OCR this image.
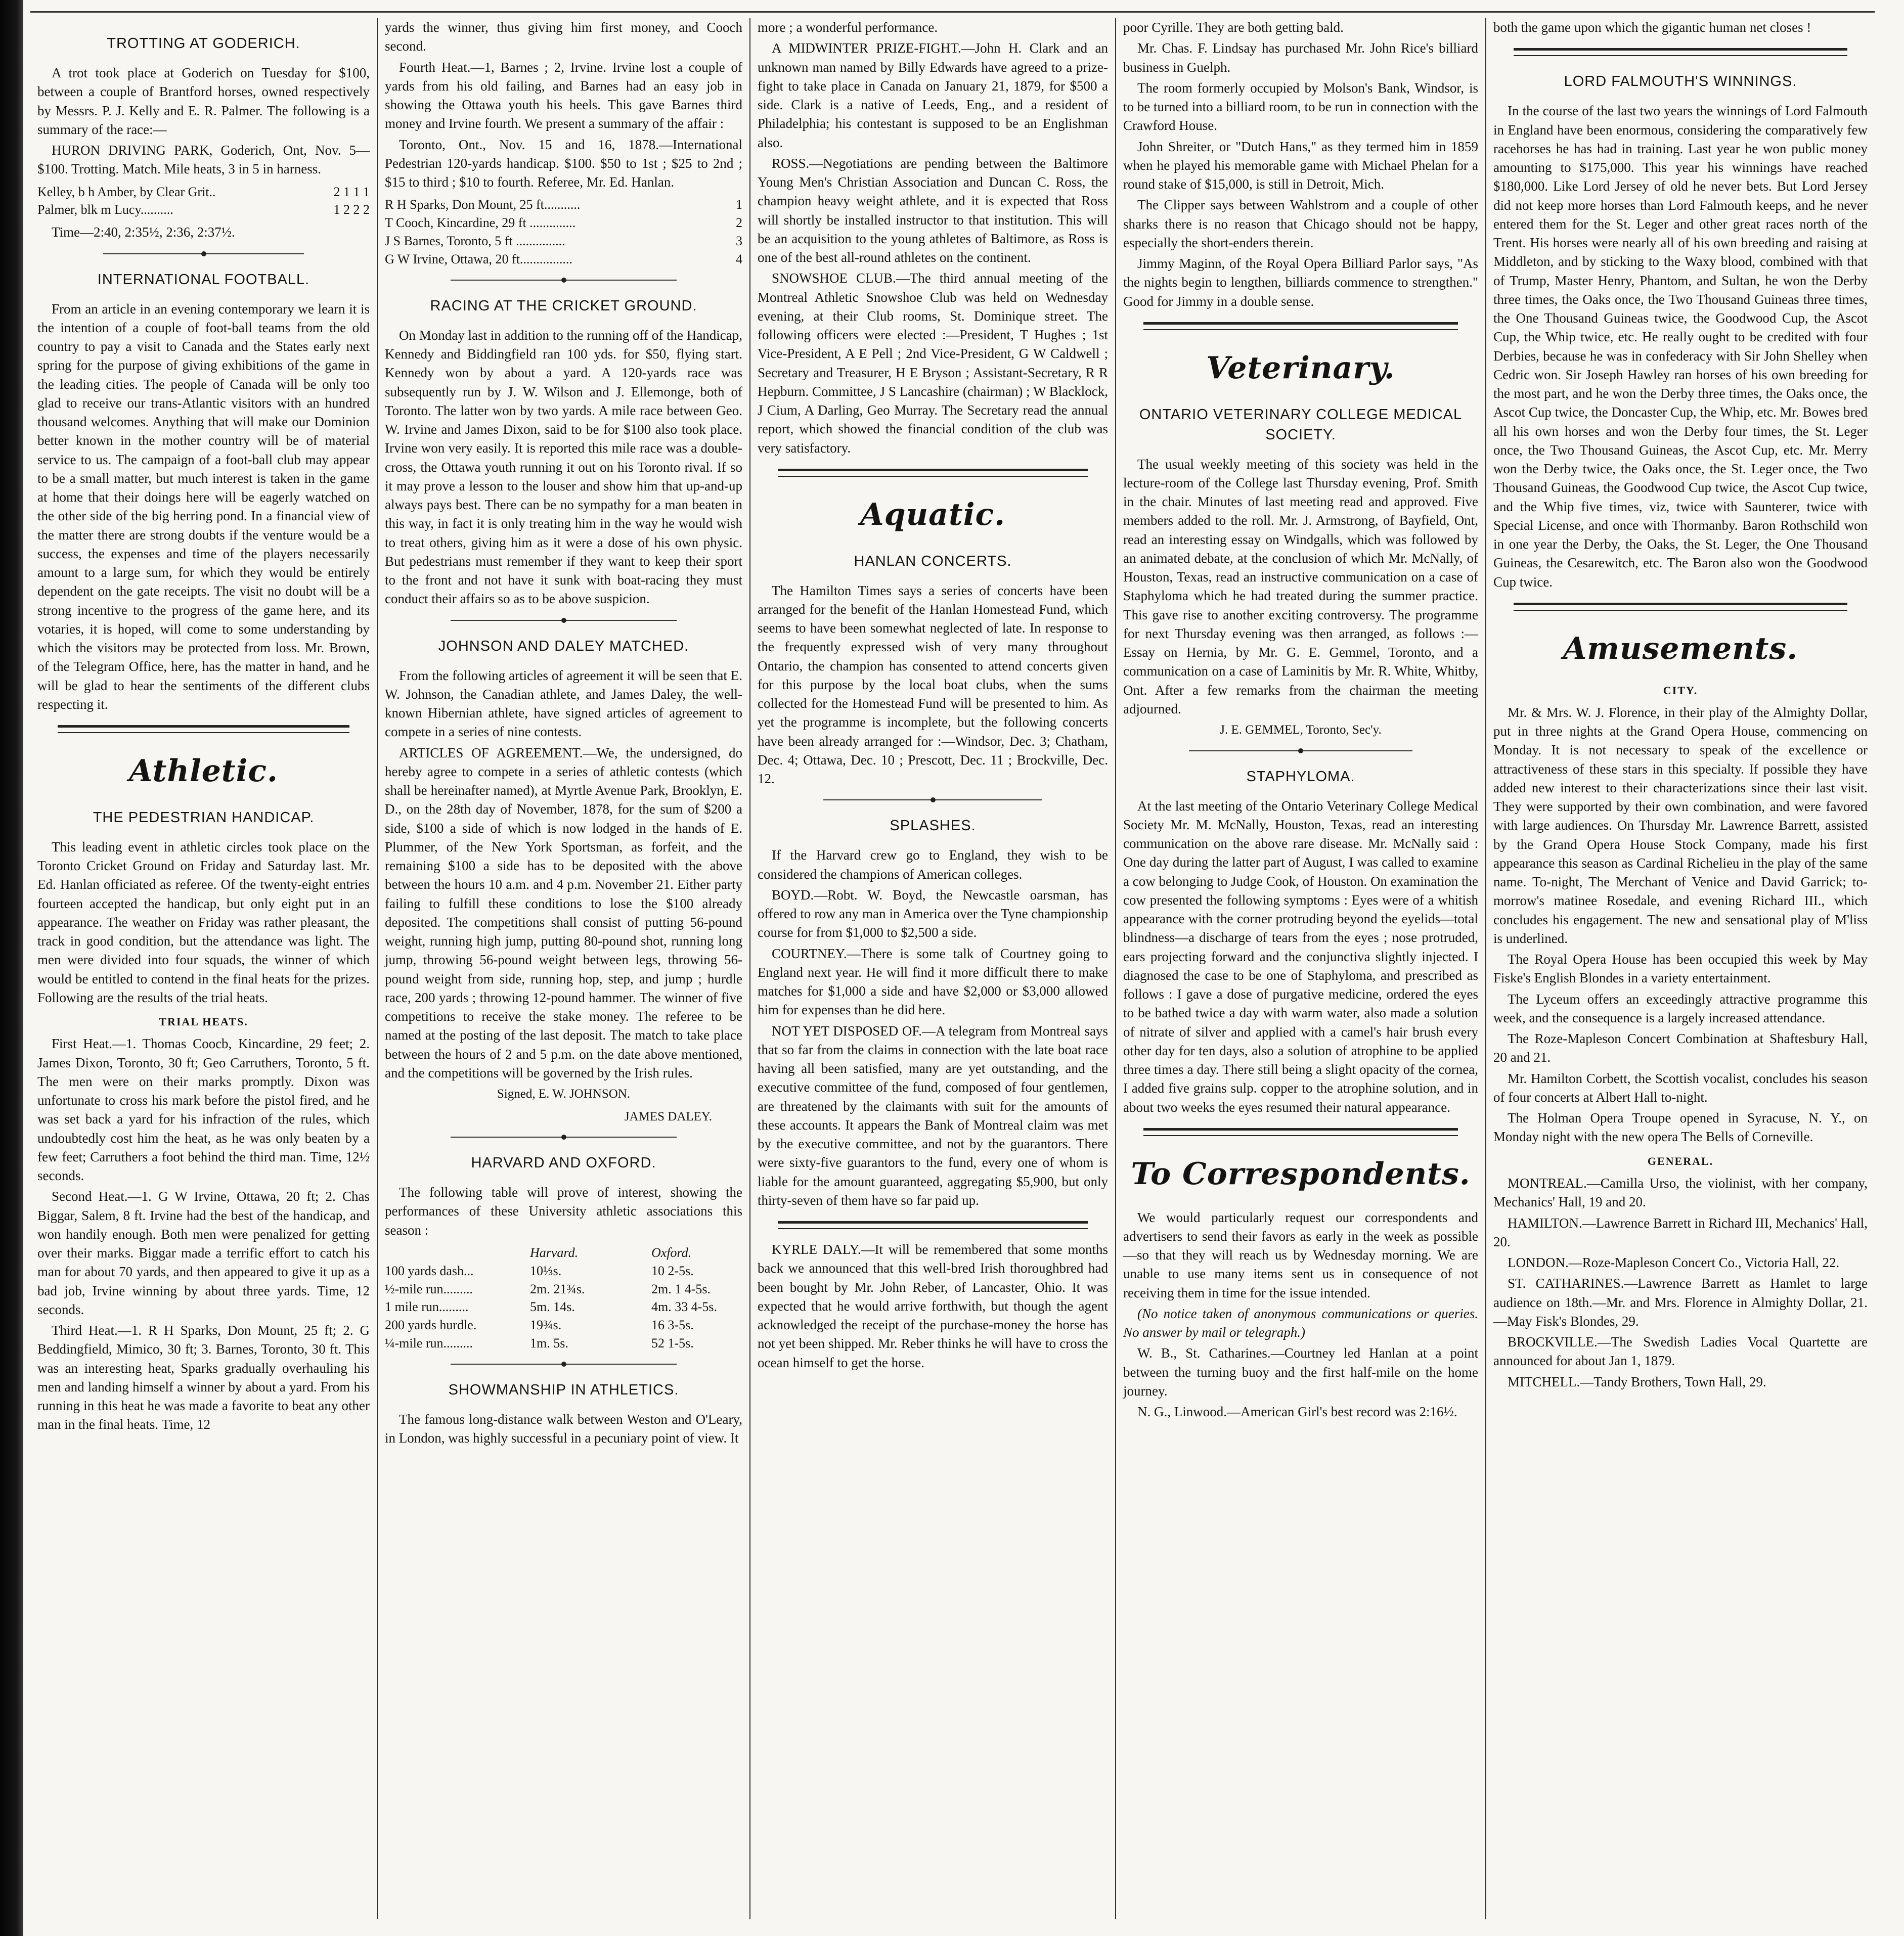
TROTTING AT GODERICH.

A trot took place at Goderich on Tuesday for $100, between a couple of Brantford horses, owned respectively by Messrs. P. J. Kelly and E. R. Palmer. The following is a summary of the race:—

HURON DRIVING PARK, Goderich, Ont, Nov. 5—$100. Trotting. Match. Mile heats, 3 in 5 in harness.

Kelley, b h Amber, by Clear Grit..	2 1 1 1
Palmer, blk m Lucy..........	1 2 2 2

Time—2:40, 2:35½, 2:36, 2:37½.

INTERNATIONAL FOOTBALL.

From an article in an evening contemporary we learn it is the intention of a couple of foot-ball teams from the old country to pay a visit to Canada and the States early next spring for the purpose of giving exhibitions of the game in the leading cities. The people of Canada will be only too glad to receive our trans-Atlantic visitors with an hundred thousand welcomes. Anything that will make our Dominion better known in the mother country will be of material service to us. The campaign of a foot-ball club may appear to be a small matter, but much interest is taken in the game at home that their doings here will be eagerly watched on the other side of the big herring pond. In a financial view of the matter there are strong doubts if the venture would be a success, the expenses and time of the players necessarily amount to a large sum, for which they would be entirely dependent on the gate receipts. The visit no doubt will be a strong incentive to the progress of the game here, and its votaries, it is hoped, will come to some understanding by which the visitors may be protected from loss. Mr. Brown, of the Telegram Office, here, has the matter in hand, and he will be glad to hear the sentiments of the different clubs respecting it.

Athletic.
THE PEDESTRIAN HANDICAP.

This leading event in athletic circles took place on the Toronto Cricket Ground on Friday and Saturday last. Mr. Ed. Hanlan officiated as referee. Of the twenty-eight entries fourteen accepted the handicap, but only eight put in an appearance. The weather on Friday was rather pleasant, the track in good condition, but the attendance was light. The men were divided into four squads, the winner of which would be entitled to contend in the final heats for the prizes. Following are the results of the trial heats.

TRIAL HEATS.

First Heat.—1. Thomas Coocb, Kincardine, 29 feet; 2. James Dixon, Toronto, 30 ft; Geo Carruthers, Toronto, 5 ft. The men were on their marks promptly. Dixon was unfortunate to cross his mark before the pistol fired, and he was set back a yard for his infraction of the rules, which undoubtedly cost him the heat, as he was only beaten by a few feet; Carruthers a foot behind the third man. Time, 12½ seconds.

Second Heat.—1. G W Irvine, Ottawa, 20 ft; 2. Chas Biggar, Salem, 8 ft. Irvine had the best of the handicap, and won handily enough. Both men were penalized for getting over their marks. Biggar made a terrific effort to catch his man for about 70 yards, and then appeared to give it up as a bad job, Irvine winning by about three yards. Time, 12 seconds.

Third Heat.—1. R H Sparks, Don Mount, 25 ft; 2. G Beddingfield, Mimico, 30 ft; 3. Barnes, Toronto, 30 ft. This was an interesting heat, Sparks gradually overhauling his men and landing himself a winner by about a yard. From his running in this heat he was made a favorite to beat any other man in the final heats. Time, 12

yards the winner, thus giving him first money, and Cooch second.

Fourth Heat.—1, Barnes ; 2, Irvine. Irvine lost a couple of yards from his old failing, and Barnes had an easy job in showing the Ottawa youth his heels. This gave Barnes third money and Irvine fourth. We present a summary of the affair :

Toronto, Ont., Nov. 15 and 16, 1878.—International Pedestrian 120-yards handicap. $100. $50 to 1st ; $25 to 2nd ; $15 to third ; $10 to fourth. Referee, Mr. Ed. Hanlan.

R H Sparks, Don Mount, 25 ft...........	1
T Cooch, Kincardine, 29 ft ..............	2
J S Barnes, Toronto, 5 ft ...............	3
G W Irvine, Ottawa, 20 ft................	4
RACING AT THE CRICKET GROUND.

On Monday last in addition to the running off of the Handicap, Kennedy and Biddingfield ran 100 yds. for $50, flying start. Kennedy won by about a yard. A 120-yards race was subsequently run by J. W. Wilson and J. Ellemonge, both of Toronto. The latter won by two yards. A mile race between Geo. W. Irvine and James Dixon, said to be for $100 also took place. Irvine won very easily. It is reported this mile race was a double-cross, the Ottawa youth running it out on his Toronto rival. If so it may prove a lesson to the louser and show him that up-and-up always pays best. There can be no sympathy for a man beaten in this way, in fact it is only treating him in the way he would wish to treat others, giving him as it were a dose of his own physic. But pedestrians must remember if they want to keep their sport to the front and not have it sunk with boat-racing they must conduct their affairs so as to be above suspicion.

JOHNSON AND DALEY MATCHED.

From the following articles of agreement it will be seen that E. W. Johnson, the Canadian athlete, and James Daley, the well-known Hibernian athlete, have signed articles of agreement to compete in a series of nine contests.

ARTICLES OF AGREEMENT.—We, the undersigned, do hereby agree to compete in a series of athletic contests (which shall be hereinafter named), at Myrtle Avenue Park, Brooklyn, E. D., on the 28th day of November, 1878, for the sum of $200 a side, $100 a side of which is now lodged in the hands of E. Plummer, of the New York Sportsman, as forfeit, and the remaining $100 a side has to be deposited with the above between the hours 10 a.m. and 4 p.m. November 21. Either party failing to fulfill these conditions to lose the $100 already deposited. The competitions shall consist of putting 56-pound weight, running high jump, putting 80-pound shot, running long jump, throwing 56-pound weight between legs, throwing 56-pound weight from side, running hop, step, and jump ; hurdle race, 200 yards ; throwing 12-pound hammer. The winner of five competitions to receive the stake money. The referee to be named at the posting of the last deposit. The match to take place between the hours of 2 and 5 p.m. on the date above mentioned, and the competitions will be governed by the Irish rules.

Signed, E. W. JOHNSON.
JAMES DALEY.
HARVARD AND OXFORD.

The following table will prove of interest, showing the performances of these University athletic associations this season :

Harvard.	Oxford.
100 yards dash...	10⅓s.	10 2-5s.
½-mile run.........	2m. 21¾s.	2m. 1 4-5s.
1 mile run.........	5m. 14s.	4m. 33 4-5s.
200 yards hurdle.	19¾s.	16 3-5s.
¼-mile run.........	1m. 5s.	52 1-5s.
SHOWMANSHIP IN ATHLETICS.

The famous long-distance walk between Weston and O'Leary, in London, was highly successful in a pecuniary point of view. It

more ; a wonderful performance.

A MIDWINTER PRIZE-FIGHT.—John H. Clark and an unknown man named by Billy Edwards have agreed to a prize-fight to take place in Canada on January 21, 1879, for $500 a side. Clark is a native of Leeds, Eng., and a resident of Philadelphia; his contestant is supposed to be an Englishman also.

ROSS.—Negotiations are pending between the Baltimore Young Men's Christian Association and Duncan C. Ross, the champion heavy weight athlete, and it is expected that Ross will shortly be installed instructor to that institution. This will be an acquisition to the young athletes of Baltimore, as Ross is one of the best all-round athletes on the continent.

SNOWSHOE CLUB.—The third annual meeting of the Montreal Athletic Snowshoe Club was held on Wednesday evening, at their Club rooms, St. Dominique street. The following officers were elected :—President, T Hughes ; 1st Vice-President, A E Pell ; 2nd Vice-President, G W Caldwell ; Secretary and Treasurer, H E Bryson ; Assistant-Secretary, R R Hepburn. Committee, J S Lancashire (chairman) ; W Blacklock, J Cium, A Darling, Geo Murray. The Secretary read the annual report, which showed the financial condition of the club was very satisfactory.

Aquatic.
HANLAN CONCERTS.

The Hamilton Times says a series of concerts have been arranged for the benefit of the Hanlan Homestead Fund, which seems to have been somewhat neglected of late. In response to the frequently expressed wish of very many throughout Ontario, the champion has consented to attend concerts given for this purpose by the local boat clubs, when the sums collected for the Homestead Fund will be presented to him. As yet the programme is incomplete, but the following concerts have been already arranged for :—Windsor, Dec. 3; Chatham, Dec. 4; Ottawa, Dec. 10 ; Prescott, Dec. 11 ; Brockville, Dec. 12.

SPLASHES.

If the Harvard crew go to England, they wish to be considered the champions of American colleges.

BOYD.—Robt. W. Boyd, the Newcastle oarsman, has offered to row any man in America over the Tyne championship course for from $1,000 to $2,500 a side.

COURTNEY.—There is some talk of Courtney going to England next year. He will find it more difficult there to make matches for $1,000 a side and have $2,000 or $3,000 allowed him for expenses than he did here.

NOT YET DISPOSED OF.—A telegram from Montreal says that so far from the claims in connection with the late boat race having all been satisfied, many are yet outstanding, and the executive committee of the fund, composed of four gentlemen, are threatened by the claimants with suit for the amounts of these accounts. It appears the Bank of Montreal claim was met by the executive committee, and not by the guarantors. There were sixty-five guarantors to the fund, every one of whom is liable for the amount guaranteed, aggregating $5,900, but only thirty-seven of them have so far paid up.

KYRLE DALY.—It will be remembered that some months back we announced that this well-bred Irish thoroughbred had been bought by Mr. John Reber, of Lancaster, Ohio. It was expected that he would arrive forthwith, but though the agent acknowledged the receipt of the purchase-money the horse has not yet been shipped. Mr. Reber thinks he will have to cross the ocean himself to get the horse.

poor Cyrille. They are both getting bald.

Mr. Chas. F. Lindsay has purchased Mr. John Rice's billiard business in Guelph.

The room formerly occupied by Molson's Bank, Windsor, is to be turned into a billiard room, to be run in connection with the Crawford House.

John Shreiter, or "Dutch Hans," as they termed him in 1859 when he played his memorable game with Michael Phelan for a round stake of $15,000, is still in Detroit, Mich.

The Clipper says between Wahlstrom and a couple of other sharks there is no reason that Chicago should not be happy, especially the short-enders therein.

Jimmy Maginn, of the Royal Opera Billiard Parlor says, "As the nights begin to lengthen, billiards commence to strengthen." Good for Jimmy in a double sense.

Veterinary.
ONTARIO VETERINARY COLLEGE MEDICAL SOCIETY.

The usual weekly meeting of this society was held in the lecture-room of the College last Thursday evening, Prof. Smith in the chair. Minutes of last meeting read and approved. Five members added to the roll. Mr. J. Armstrong, of Bayfield, Ont, read an interesting essay on Windgalls, which was followed by an animated debate, at the conclusion of which Mr. McNally, of Houston, Texas, read an instructive communication on a case of Staphyloma which he had treated during the summer practice. This gave rise to another exciting controversy. The programme for next Thursday evening was then arranged, as follows :—Essay on Hernia, by Mr. G. E. Gemmel, Toronto, and a communication on a case of Laminitis by Mr. R. White, Whitby, Ont. After a few remarks from the chairman the meeting adjourned.

J. E. GEMMEL, Toronto, Sec'y.
STAPHYLOMA.

At the last meeting of the Ontario Veterinary College Medical Society Mr. M. McNally, Houston, Texas, read an interesting communication on the above rare disease. Mr. McNally said : One day during the latter part of August, I was called to examine a cow belonging to Judge Cook, of Houston. On examination the cow presented the following symptoms : Eyes were of a whitish appearance with the corner protruding beyond the eyelids—total blindness—a discharge of tears from the eyes ; nose protruded, ears projecting forward and the conjunctiva slightly injected. I diagnosed the case to be one of Staphyloma, and prescribed as follows : I gave a dose of purgative medicine, ordered the eyes to be bathed twice a day with warm water, also made a solution of nitrate of silver and applied with a camel's hair brush every other day for ten days, also a solution of atrophine to be applied three times a day. There still being a slight opacity of the cornea, I added five grains sulp. copper to the atrophine solution, and in about two weeks the eyes resumed their natural appearance.

To Correspondents.

We would particularly request our correspondents and advertisers to send their favors as early in the week as possible—so that they will reach us by Wednesday morning. We are unable to use many items sent us in consequence of not receiving them in time for the issue intended.

(No notice taken of anonymous communications or queries. No answer by mail or telegraph.)

W. B., St. Catharines.—Courtney led Hanlan at a point between the turning buoy and the first half-mile on the home journey.

N. G., Linwood.—American Girl's best record was 2:16½.

both the game upon which the gigantic human net closes !

LORD FALMOUTH'S WINNINGS.

In the course of the last two years the winnings of Lord Falmouth in England have been enormous, considering the comparatively few racehorses he has had in training. Last year he won public money amounting to $175,000. This year his winnings have reached $180,000. Like Lord Jersey of old he never bets. But Lord Jersey did not keep more horses than Lord Falmouth keeps, and he never entered them for the St. Leger and other great races north of the Trent. His horses were nearly all of his own breeding and raising at Middleton, and by sticking to the Waxy blood, combined with that of Trump, Master Henry, Phantom, and Sultan, he won the Derby three times, the Oaks once, the Two Thousand Guineas three times, the One Thousand Guineas twice, the Goodwood Cup, the Ascot Cup, the Whip twice, etc. He really ought to be credited with four Derbies, because he was in confederacy with Sir John Shelley when Cedric won. Sir Joseph Hawley ran horses of his own breeding for the most part, and he won the Derby three times, the Oaks once, the Ascot Cup twice, the Doncaster Cup, the Whip, etc. Mr. Bowes bred all his own horses and won the Derby four times, the St. Leger once, the Two Thousand Guineas, the Ascot Cup, etc. Mr. Merry won the Derby twice, the Oaks once, the St. Leger once, the Two Thousand Guineas, the Goodwood Cup twice, the Ascot Cup twice, and the Whip five times, viz, twice with Saunterer, twice with Special License, and once with Thormanby. Baron Rothschild won in one year the Derby, the Oaks, the St. Leger, the One Thousand Guineas, the Cesarewitch, etc. The Baron also won the Goodwood Cup twice.

Amusements.
CITY.

Mr. & Mrs. W. J. Florence, in their play of the Almighty Dollar, put in three nights at the Grand Opera House, commencing on Monday. It is not necessary to speak of the excellence or attractiveness of these stars in this specialty. If possible they have added new interest to their characterizations since their last visit. They were supported by their own combination, and were favored with large audiences. On Thursday Mr. Lawrence Barrett, assisted by the Grand Opera House Stock Company, made his first appearance this season as Cardinal Richelieu in the play of the same name. To-night, The Merchant of Venice and David Garrick; to-morrow's matinee Rosedale, and evening Richard III., which concludes his engagement. The new and sensational play of M'liss is underlined.

The Royal Opera House has been occupied this week by May Fiske's English Blondes in a variety entertainment.

The Lyceum offers an exceedingly attractive programme this week, and the consequence is a largely increased attendance.

The Roze-Mapleson Concert Combination at Shaftesbury Hall, 20 and 21.

Mr. Hamilton Corbett, the Scottish vocalist, concludes his season of four concerts at Albert Hall to-night.

The Holman Opera Troupe opened in Syracuse, N. Y., on Monday night with the new opera The Bells of Corneville.

GENERAL.

MONTREAL.—Camilla Urso, the violinist, with her company, Mechanics' Hall, 19 and 20.

HAMILTON.—Lawrence Barrett in Richard III, Mechanics' Hall, 20.

LONDON.—Roze-Mapleson Concert Co., Victoria Hall, 22.

ST. CATHARINES.—Lawrence Barrett as Hamlet to large audience on 18th.—Mr. and Mrs. Florence in Almighty Dollar, 21. —May Fisk's Blondes, 29.

BROCKVILLE.—The Swedish Ladies Vocal Quartette are announced for about Jan 1, 1879.

MITCHELL.—Tandy Brothers, Town Hall, 29.
